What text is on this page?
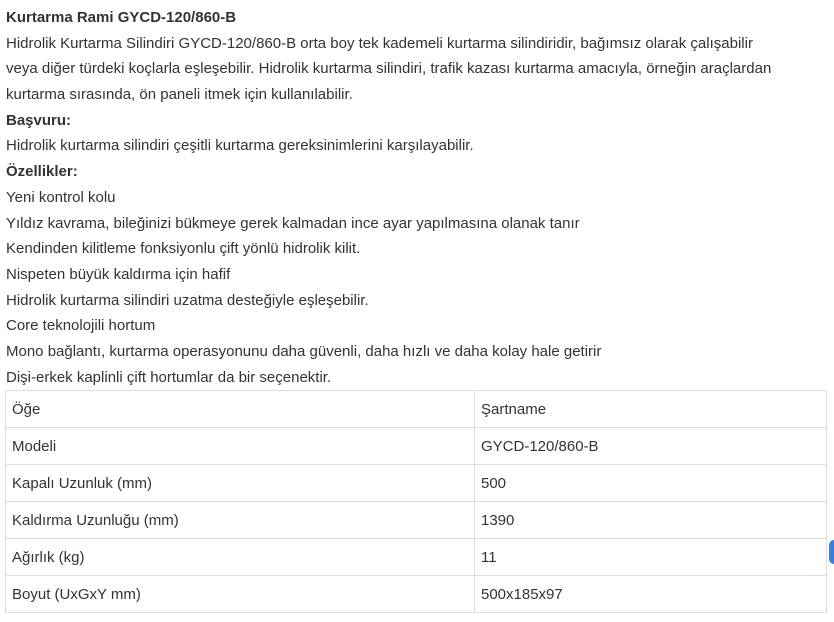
Kurtarma Rami GYCD-120/860-B
Hidrolik Kurtarma Silindiri GYCD-120/860-B orta boy tek kademeli kurtarma silindiridir, bağımsız olarak çalışabilir
veya diğer türdeki koçlarla eşleşebilir. Hidrolik kurtarma silindiri, trafik kazası kurtarma amacıyla, örneğin araçlardan
kurtarma sırasında, ön paneli itmek için kullanılabilir.
Başvuru:
Hidrolik kurtarma silindiri çeşitli kurtarma gereksinimlerini karşılayabilir.
Özellikler:
Yeni kontrol kolu
Yıldız kavrama, bileğinizi bükmeye gerek kalmadan ince ayar yapılmasına olanak tanır
Kendinden kilitleme fonksiyonlu çift yönlü hidrolik kilit.
Nispeten büyük kaldırma için hafif
Hidrolik kurtarma silindiri uzatma desteğiyle eşleşebilir.
Core teknolojili hortum
Mono bağlantı, kurtarma operasyonunu daha güvenli, daha hızlı ve daha kolay hale getirir
Dişi-erkek kaplinli çift hortumlar da bir seçenektir.
Öğe	Şartname
Modeli	GYCD-120/860-B
Kapalı Uzunluk (mm)	500
Kaldırma Uzunluğu (mm)	1390
Ağırlık (kg)	11
Boyut (UxGxY mm)	500x185x97
